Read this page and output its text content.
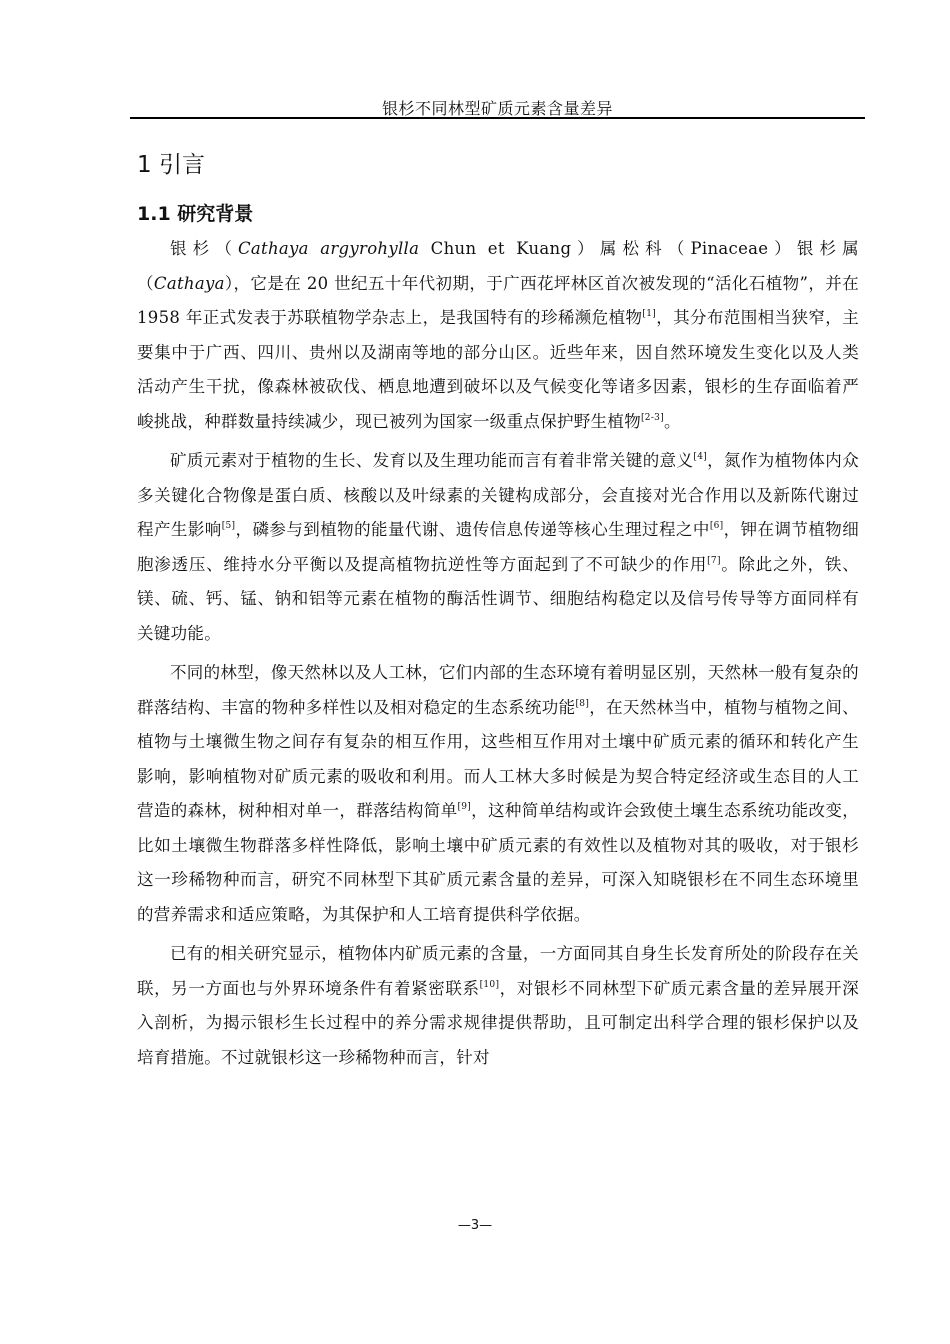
银杉不同林型矿质元素含量差异
1 引言
1.1 研究背景

银杉（Cathaya argyrohylla Chun et Kuang）属松科（Pinaceae）银杉属（Cathaya），它是在 20 世纪五十年代初期，于广西花坪林区首次被发现的“活化石植物”，并在 1958 年正式发表于苏联植物学杂志上，是我国特有的珍稀濒危植物[1]，其分布范围相当狭窄，主要集中于广西、四川、贵州以及湖南等地的部分山区。近些年来，因自然环境发生变化以及人类活动产生干扰，像森林被砍伐、栖息地遭到破坏以及气候变化等诸多因素，银杉的生存面临着严峻挑战，种群数量持续减少，现已被列为国家一级重点保护野生植物[2-3]。

矿质元素对于植物的生长、发育以及生理功能而言有着非常关键的意义[4]，氮作为植物体内众多关键化合物像是蛋白质、核酸以及叶绿素的关键构成部分，会直接对光合作用以及新陈代谢过程产生影响[5]，磷参与到植物的能量代谢、遗传信息传递等核心生理过程之中[6]，钾在调节植物细胞渗透压、维持水分平衡以及提高植物抗逆性等方面起到了不可缺少的作用[7]。除此之外，铁、镁、硫、钙、锰、钠和铝等元素在植物的酶活性调节、细胞结构稳定以及信号传导等方面同样有关键功能。

不同的林型，像天然林以及人工林，它们内部的生态环境有着明显区别，天然林一般有复杂的群落结构、丰富的物种多样性以及相对稳定的生态系统功能[8]，在天然林当中，植物与植物之间、植物与土壤微生物之间存有复杂的相互作用，这些相互作用对土壤中矿质元素的循环和转化产生影响，影响植物对矿质元素的吸收和利用。而人工林大多时候是为契合特定经济或生态目的人工营造的森林，树种相对单一，群落结构简单[9]，这种简单结构或许会致使土壤生态系统功能改变，比如土壤微生物群落多样性降低，影响土壤中矿质元素的有效性以及植物对其的吸收，对于银杉这一珍稀物种而言，研究不同林型下其矿质元素含量的差异，可深入知晓银杉在不同生态环境里的营养需求和适应策略，为其保护和人工培育提供科学依据。

已有的相关研究显示，植物体内矿质元素的含量，一方面同其自身生长发育所处的阶段存在关联，另一方面也与外界环境条件有着紧密联系[10]，对银杉不同林型下矿质元素含量的差异展开深入剖析，为揭示银杉生长过程中的养分需求规律提供帮助，且可制定出科学合理的银杉保护以及培育措施。不过就银杉这一珍稀物种而言，针对

—3—
